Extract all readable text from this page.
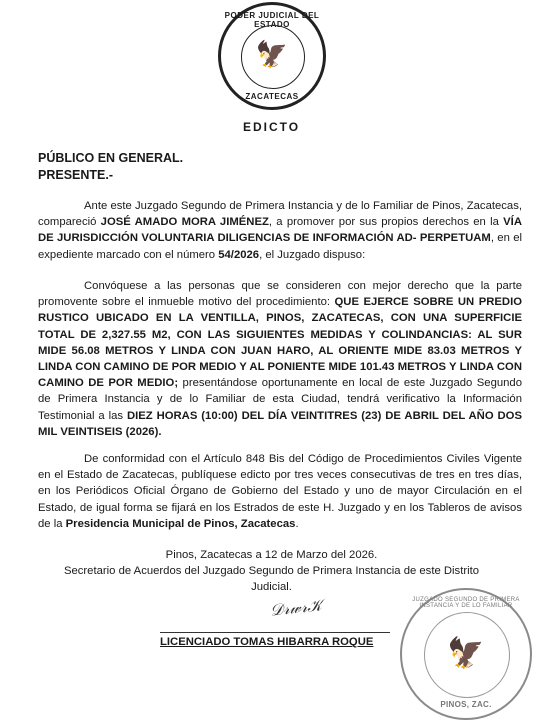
PODER JUDICIAL DEL ESTADO
🦅
ZACATECAS
EDICTO
PÚBLICO EN GENERAL.
PRESENTE.-
Ante este Juzgado Segundo de Primera Instancia y de lo Familiar de Pinos, Zacatecas, compareció JOSÉ AMADO MORA JIMÉNEZ, a promover por sus propios derechos en la VÍA DE JURISDICCIÓN VOLUNTARIA DILIGENCIAS DE INFORMACIÓN AD- PERPETUAM, en el expediente marcado con el número 54/2026, el Juzgado dispuso:
Convóquese a las personas que se consideren con mejor derecho que la parte promovente sobre el inmueble motivo del procedimiento: QUE EJERCE SOBRE UN PREDIO RUSTICO UBICADO EN LA VENTILLA, PINOS, ZACATECAS, CON UNA SUPERFICIE TOTAL DE 2,327.55 M2, CON LAS SIGUIENTES MEDIDAS Y COLINDANCIAS: AL SUR MIDE 56.08 METROS Y LINDA CON JUAN HARO, AL ORIENTE MIDE 83.03 METROS Y LINDA CON CAMINO DE POR MEDIO Y AL PONIENTE MIDE 101.43 METROS Y LINDA CON CAMINO DE POR MEDIO; presentándose oportunamente en local de este Juzgado Segundo de Primera Instancia y de lo Familiar de esta Ciudad, tendrá verificativo la Información Testimonial a las DIEZ HORAS (10:00) DEL DÍA VEINTITRES (23) DE ABRIL DEL AÑO DOS MIL VEINTISEIS (2026).
De conformidad con el Artículo 848 Bis del Código de Procedimientos Civiles Vigente en el Estado de Zacatecas, publíquese edicto por tres veces consecutivas de tres en tres días, en los Periódicos Oficial Órgano de Gobierno del Estado y uno de mayor Circulación en el Estado, de igual forma se fijará en los Estrados de este H. Juzgado y en los Tableros de avisos de la Presidencia Municipal de Pinos, Zacatecas.
Pinos, Zacatecas a 12 de Marzo del 2026.
Secretario de Acuerdos del Juzgado Segundo de Primera Instancia de este Distrito
Judicial.
𝒟𝓇𝓌𝓇𝒦
LICENCIADO TOMAS HIBARRA ROQUE
JUZGADO SEGUNDO DE PRIMERA INSTANCIA Y DE LO FAMILIAR
🦅
PINOS, ZAC.
